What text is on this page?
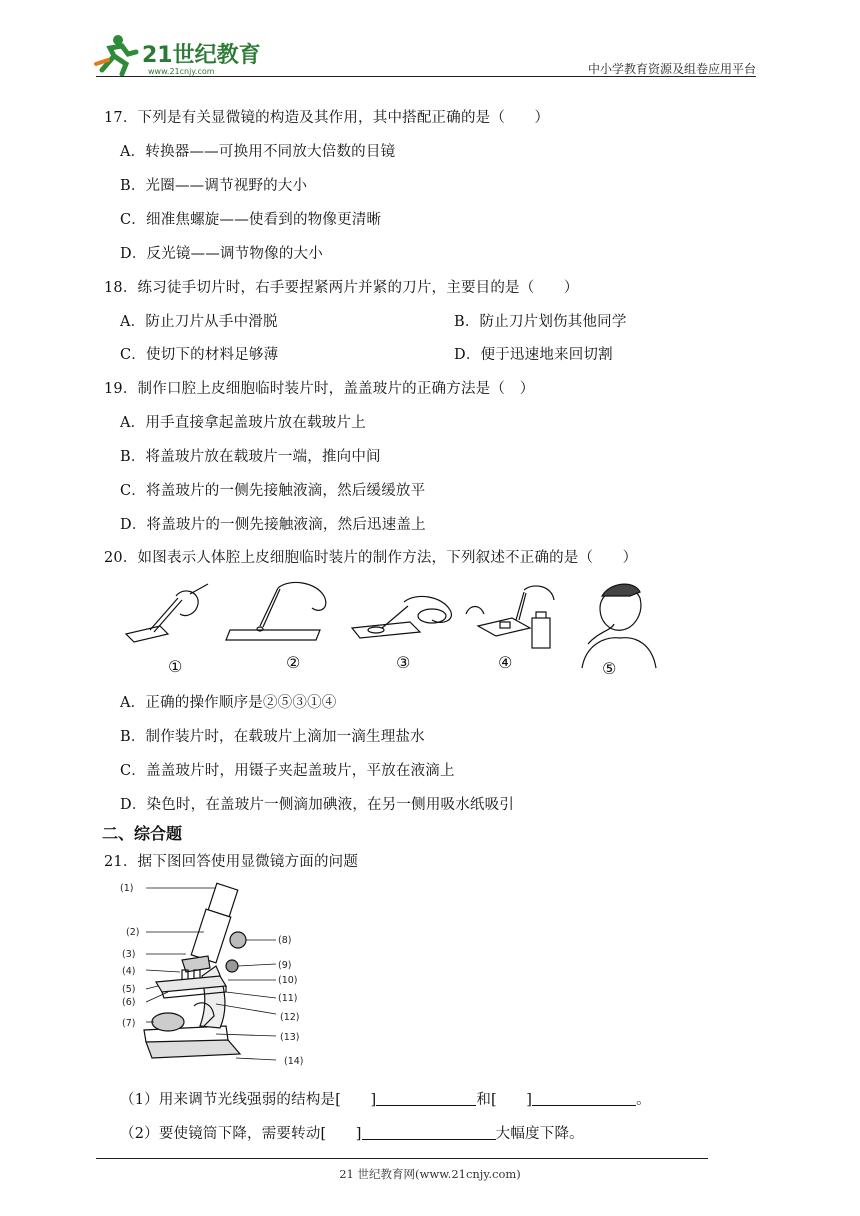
21世纪教育
www.21cnjy.com	中小学教育资源及组卷应用平台
17．下列是有关显微镜的构造及其作用，其中搭配正确的是（　　）
A．转换器——可换用不同放大倍数的目镜
B．光圈——调节视野的大小
C．细准焦螺旋——使看到的物像更清晰
D．反光镜——调节物像的大小
18．练习徒手切片时，右手要捏紧两片并紧的刀片，主要目的是（　　）
A．防止刀片从手中滑脱	B．防止刀片划伤其他同学
C．使切下的材料足够薄	D．便于迅速地来回切割
19．制作口腔上皮细胞临时装片时，盖盖玻片的正确方法是（　）
A．用手直接拿起盖玻片放在载玻片上
B．将盖玻片放在载玻片一端，推向中间
C．将盖玻片的一侧先接触液滴，然后缓缓放平
D．将盖玻片的一侧先接触液滴，然后迅速盖上
20．如图表示人体腔上皮细胞临时装片的制作方法，下列叙述不正确的是（　　）
①	②	③	④	⑤
A．正确的操作顺序是②⑤③①④
B．制作装片时，在载玻片上滴加一滴生理盐水
C．盖盖玻片时，用镊子夹起盖玻片，平放在液滴上
D．染色时，在盖玻片一侧滴加碘液，在另一侧用吸水纸吸引
二、综合题
21．据下图回答使用显微镜方面的问题
(1)
(2)
(3)
(4)
(5)
(6)
(7)
(8)
(9)
(10)
(11)
(12)
(13)
(14)
（1）用来调节光线强弱的结构是[　　]	和[　　]	。
（2）要使镜筒下降，需要转动[　　]	大幅度下降。
21 世纪教育网(www.21cnjy.com)
